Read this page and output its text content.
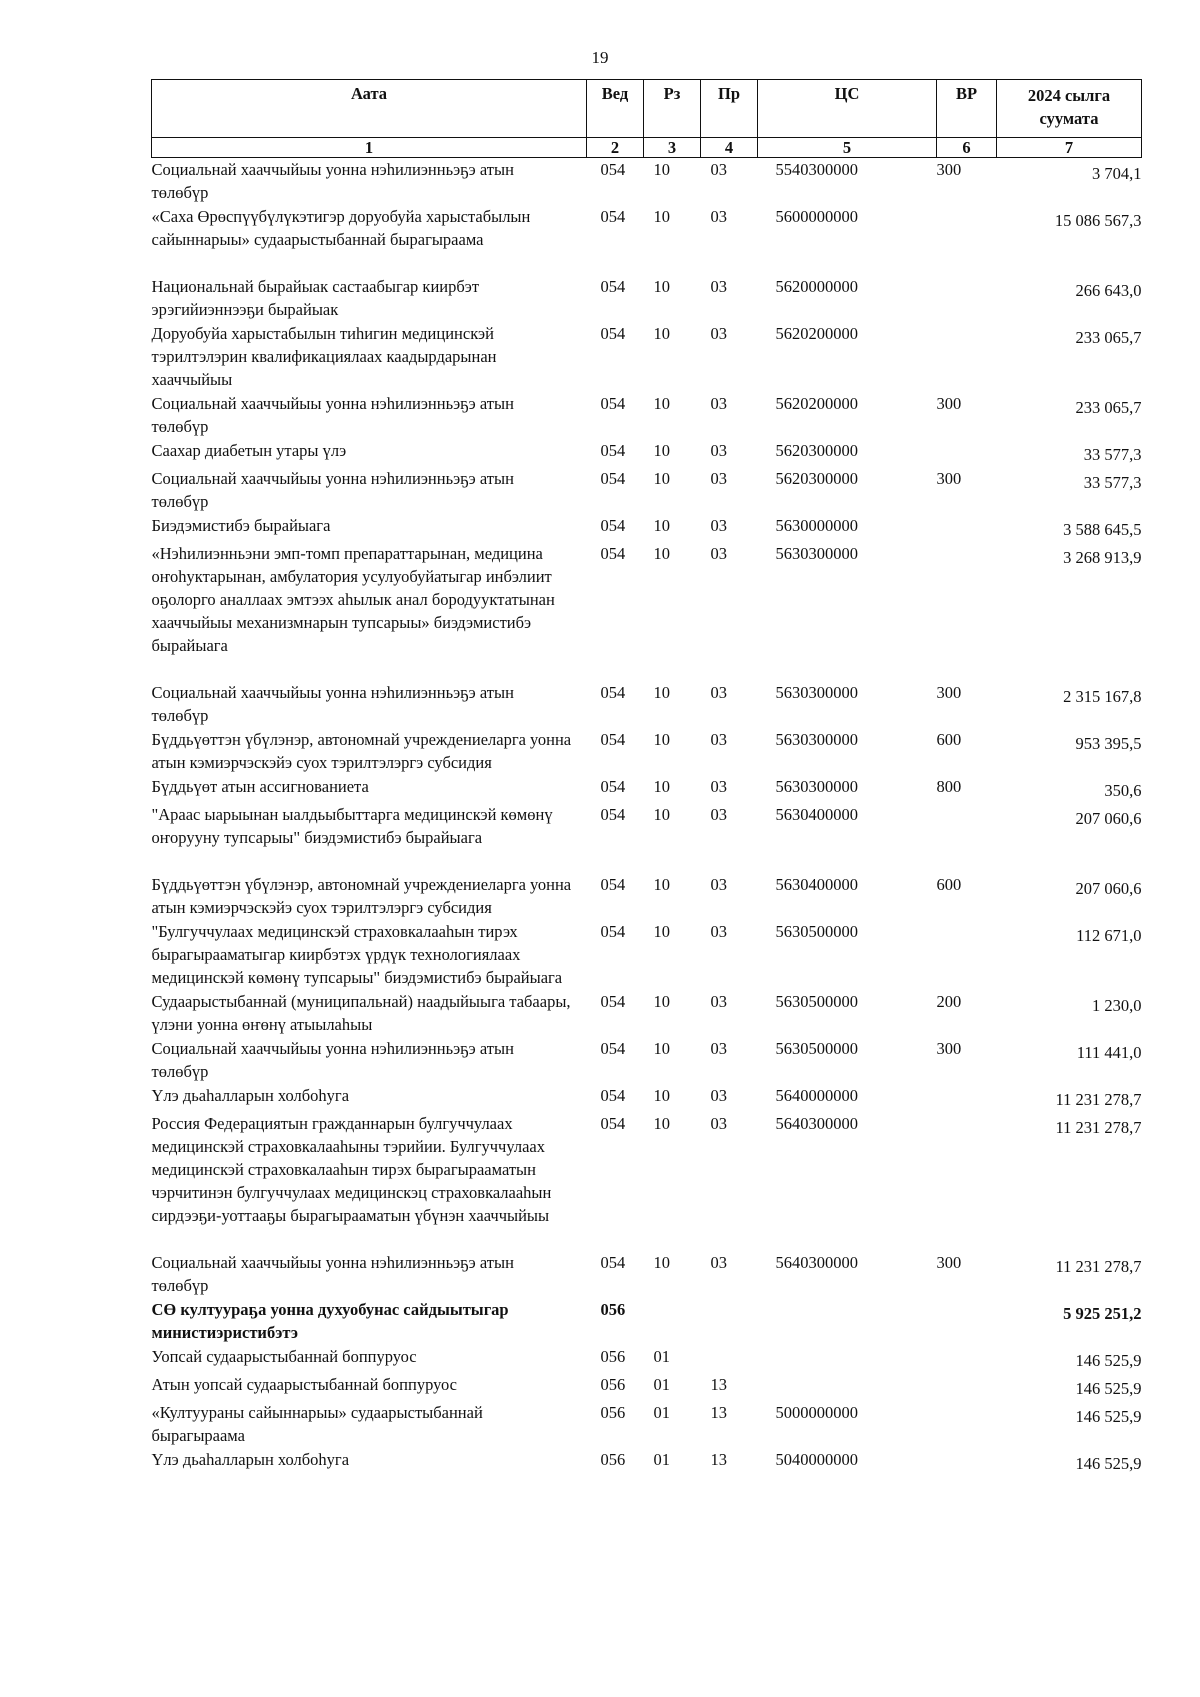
19
Аата	Вед	Рз	Пр	ЦС	ВР	2024 сылга суумата
1	2	3	4	5	6	7
Социальнай хааччыйыы уонна нэһилиэнньэҕэ атын төлөбүр	054	10	03	5540300000	300	3 704,1
«Саха Өрөспүүбүлүкэтигэр доруобуйа харыстабылын сайыннарыы» судаарыстыбаннай бырагыраама	054	10	03	5600000000		15 086 567,3
Национальнай бырайыак састаабыгар киирбэт эрэгийиэннээҕи бырайыак	054	10	03	5620000000		266 643,0
Доруобуйа харыстабылын тиһигин медицинскэй тэрилтэлэрин квалификациялаах каадырдарынан хааччыйыы	054	10	03	5620200000		233 065,7
Социальнай хааччыйыы уонна нэһилиэнньэҕэ атын төлөбүр	054	10	03	5620200000	300	233 065,7
Саахар диабетын утары үлэ	054	10	03	5620300000		33 577,3
Социальнай хааччыйыы уонна нэһилиэнньэҕэ атын төлөбүр	054	10	03	5620300000	300	33 577,3
Биэдэмистибэ бырайыага	054	10	03	5630000000		3 588 645,5
«Нэһилиэнньэни эмп-томп препараттарынан, медицина оҥоһуктарынан, амбулатория усулуобуйатыгар инбэлиит оҕолорго аналлаах эмтээх аһылык анал бородууктатынан хааччыйыы механизмнарын тупсарыы» биэдэмистибэ бырайыага	054	10	03	5630300000		3 268 913,9
Социальнай хааччыйыы уонна нэһилиэнньэҕэ атын төлөбүр	054	10	03	5630300000	300	2 315 167,8
Бүддьүөттэн үбүлэнэр, автономнай учреждениеларга уонна атын кэмиэрчэскэйэ суох тэрилтэлэргэ субсидия	054	10	03	5630300000	600	953 395,5
Бүддьүөт атын ассигнованиета	054	10	03	5630300000	800	350,6
"Араас ыарыынан ыалдьыбыттарга медицинскэй көмөнү оҥорууну тупсарыы" биэдэмистибэ бырайыага	054	10	03	5630400000		207 060,6
Бүддьүөттэн үбүлэнэр, автономнай учреждениеларга уонна атын кэмиэрчэскэйэ суох тэрилтэлэргэ субсидия	054	10	03	5630400000	600	207 060,6
"Булгуччулаах медицинскэй страховкалааһын тирэх бырагырааматыгар киирбэтэх үрдүк технологиялаах медицинскэй көмөнү тупсарыы" биэдэмистибэ бырайыага	054	10	03	5630500000		112 671,0
Судаарыстыбаннай (муниципальнай) наадыйыыга табаары, үлэни уонна өҥөнү атыылаһыы	054	10	03	5630500000	200	1 230,0
Социальнай хааччыйыы уонна нэһилиэнньэҕэ атын төлөбүр	054	10	03	5630500000	300	111 441,0
Үлэ дьаһалларын холбоһуга	054	10	03	5640000000		11 231 278,7
Россия Федерациятын гражданнарын булгуччулаах медицинскэй страховкалааһыны тэрийии. Булгуччулаах медицинскэй страховкалааһын тирэх бырагырааматын чэрчитинэн булгуччулаах медицинскэц страховкалааһын сирдээҕи-уоттааҕы бырагырааматын үбүнэн хааччыйыы	054	10	03	5640300000		11 231 278,7
Социальнай хааччыйыы уонна нэһилиэнньэҕэ атын төлөбүр	054	10	03	5640300000	300	11 231 278,7
СӨ култуураҕа уонна духуобунас сайдыытыгар министиэристибэтэ	056					5 925 251,2
Уопсай судаарыстыбаннай боппуруос	056	01				146 525,9
Атын уопсай судаарыстыбаннай боппуруос	056	01	13			146 525,9
«Култуураны сайыннарыы» судаарыстыбаннай бырагыраама	056	01	13	5000000000		146 525,9
Үлэ дьаһалларын холбоһуга	056	01	13	5040000000		146 525,9
